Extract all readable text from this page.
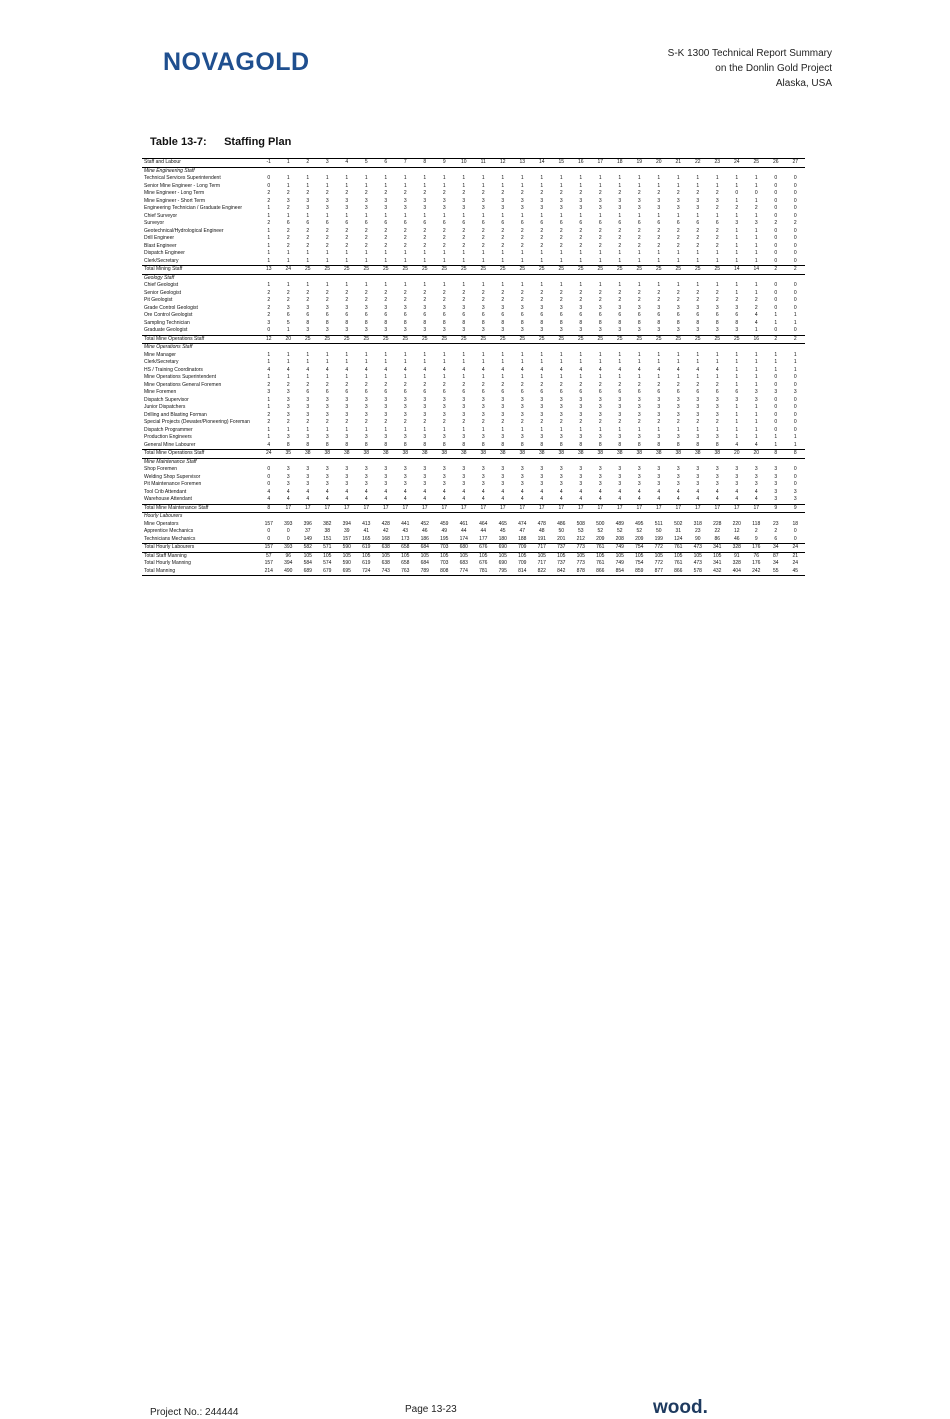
NOVAGOLD	S-K 1300 Technical Report Summary
on the Donlin Gold Project
Alaska, USA
Table 13-7: Staffing Plan
Staff and Labour	-1	1	2	3	4	5	6	7	8	9	10	11	12	13	14	15	16	17	18	19	20	21	22	23	24	25	26	27
Mine Engineering Staff																												
Technical Services Superintendent	0	1	1	1	1	1	1	1	1	1	1	1	1	1	1	1	1	1	1	1	1	1	1	1	1	1	0	0
Senior Mine Engineer - Long Term	0	1	1	1	1	1	1	1	1	1	1	1	1	1	1	1	1	1	1	1	1	1	1	1	1	1	0	0
Mine Engineer - Long Term	2	2	2	2	2	2	2	2	2	2	2	2	2	2	2	2	2	2	2	2	2	2	2	2	0	0	0	0
Mine Engineer - Short Term	2	3	3	3	3	3	3	3	3	3	3	3	3	3	3	3	3	3	3	3	3	3	3	3	1	1	0	0
Engineering Technician / Graduate Engineer	1	2	3	3	3	3	3	3	3	3	3	3	3	3	3	3	3	3	3	3	3	3	3	2	2	2	0	0
Chief Surveyor	1	1	1	1	1	1	1	1	1	1	1	1	1	1	1	1	1	1	1	1	1	1	1	1	1	1	0	0
Surveyor	2	6	6	6	6	6	6	6	6	6	6	6	6	6	6	6	6	6	6	6	6	6	6	6	3	3	2	2
Geotechnical/Hydrological Engineer	1	2	2	2	2	2	2	2	2	2	2	2	2	2	2	2	2	2	2	2	2	2	2	2	1	1	0	0
Drill Engineer	1	2	2	2	2	2	2	2	2	2	2	2	2	2	2	2	2	2	2	2	2	2	2	2	1	1	0	0
Blast Engineer	1	2	2	2	2	2	2	2	2	2	2	2	2	2	2	2	2	2	2	2	2	2	2	2	1	1	0	0
Dispatch Engineer	1	1	1	1	1	1	1	1	1	1	1	1	1	1	1	1	1	1	1	1	1	1	1	1	1	1	0	0
Clerk/Secretary	1	1	1	1	1	1	1	1	1	1	1	1	1	1	1	1	1	1	1	1	1	1	1	1	1	1	0	0
Total Mining Staff	13	24	25	25	25	25	25	25	25	25	25	25	25	25	25	25	25	25	25	25	25	25	25	25	14	14	2	2
Geology Staff																												
Chief Geologist	1	1	1	1	1	1	1	1	1	1	1	1	1	1	1	1	1	1	1	1	1	1	1	1	1	1	0	0
Senior Geologist	2	2	2	2	2	2	2	2	2	2	2	2	2	2	2	2	2	2	2	2	2	2	2	2	1	1	0	0
Pit Geologist	2	2	2	2	2	2	2	2	2	2	2	2	2	2	2	2	2	2	2	2	2	2	2	2	2	2	0	0
Grade Control Geologist	2	3	3	3	3	3	3	3	3	3	3	3	3	3	3	3	3	3	3	3	3	3	3	3	3	2	0	0
Ore Control Geologist	2	6	6	6	6	6	6	6	6	6	6	6	6	6	6	6	6	6	6	6	6	6	6	6	6	4	1	1
Sampling Technician	3	5	8	8	8	8	8	8	8	8	8	8	8	8	8	8	8	8	8	8	8	8	8	8	8	4	1	1
Graduate Geologist	0	1	3	3	3	3	3	3	3	3	3	3	3	3	3	3	3	3	3	3	3	3	3	3	3	1	0	0
Total Mine Operations Staff	12	20	25	25	25	25	25	25	25	25	25	25	25	25	25	25	25	25	25	25	25	25	25	25	25	16	2	2
Mine Operations Staff																												
Mine Manager	1	1	1	1	1	1	1	1	1	1	1	1	1	1	1	1	1	1	1	1	1	1	1	1	1	1	1	1
Clerk/Secretary	1	1	1	1	1	1	1	1	1	1	1	1	1	1	1	1	1	1	1	1	1	1	1	1	1	1	1	1
HS / Training Coordinators	4	4	4	4	4	4	4	4	4	4	4	4	4	4	4	4	4	4	4	4	4	4	4	4	1	1	1	1
Mine Operations Superintendent	1	1	1	1	1	1	1	1	1	1	1	1	1	1	1	1	1	1	1	1	1	1	1	1	1	1	0	0
Mine Operations General Foremen	2	2	2	2	2	2	2	2	2	2	2	2	2	2	2	2	2	2	2	2	2	2	2	2	1	1	0	0
Mine Foremen	3	3	6	6	6	6	6	6	6	6	6	6	6	6	6	6	6	6	6	6	6	6	6	6	6	3	3	3
Dispatch Supervisor	1	3	3	3	3	3	3	3	3	3	3	3	3	3	3	3	3	3	3	3	3	3	3	3	3	3	0	0
Junior Dispatchers	1	3	3	3	3	3	3	3	3	3	3	3	3	3	3	3	3	3	3	3	3	3	3	3	1	1	0	0
Drilling and Blasting Forman	2	3	3	3	3	3	3	3	3	3	3	3	3	3	3	3	3	3	3	3	3	3	3	3	1	1	0	0
Special Projects (Dewater/Pioneering) Foreman	2	2	2	2	2	2	2	2	2	2	2	2	2	2	2	2	2	2	2	2	2	2	2	2	1	1	0	0
Dispatch Programmer	1	1	1	1	1	1	1	1	1	1	1	1	1	1	1	1	1	1	1	1	1	1	1	1	1	1	0	0
Production Engineers	1	3	3	3	3	3	3	3	3	3	3	3	3	3	3	3	3	3	3	3	3	3	3	3	1	1	1	1
General Mine Labourer	4	8	8	8	8	8	8	8	8	8	8	8	8	8	8	8	8	8	8	8	8	8	8	8	4	4	1	1
Total Mine Operations Staff	24	35	38	38	38	38	38	38	38	38	38	38	38	38	38	38	38	38	38	38	38	38	38	38	20	20	8	8
Mine Maintenance Staff																												
Shop Foremen	0	3	3	3	3	3	3	3	3	3	3	3	3	3	3	3	3	3	3	3	3	3	3	3	3	3	3	0
Welding Shop Supervisor	0	3	3	3	3	3	3	3	3	3	3	3	3	3	3	3	3	3	3	3	3	3	3	3	3	3	3	0
Pit Maintenance Foremen	0	3	3	3	3	3	3	3	3	3	3	3	3	3	3	3	3	3	3	3	3	3	3	3	3	3	3	0
Tool Crib Attendant	4	4	4	4	4	4	4	4	4	4	4	4	4	4	4	4	4	4	4	4	4	4	4	4	4	4	3	3
Warehouse Attendant	4	4	4	4	4	4	4	4	4	4	4	4	4	4	4	4	4	4	4	4	4	4	4	4	4	4	3	3
Total Mine Maintenance Staff	8	17	17	17	17	17	17	17	17	17	17	17	17	17	17	17	17	17	17	17	17	17	17	17	17	17	9	9
Hourly Labourers																												
Mine Operators	157	393	396	382	394	413	428	441	452	459	461	464	465	474	478	486	508	500	489	495	511	502	318	228	220	118	23	18
Apprentice Mechanics	0	0	37	38	39	41	42	43	46	49	44	44	45	47	48	50	53	52	52	52	50	31	23	22	12	2	2	0
Technicians Mechanics	0	0	149	151	157	165	168	173	186	195	174	177	180	188	191	201	212	209	208	209	199	124	90	86	46	9	6	0
Total Hourly Labourers	157	393	582	571	590	619	638	658	684	703	680	676	690	709	717	737	773	761	749	754	772	761	473	341	328	176	34	24
Total Staff Manning	57	96	105	105	105	105	105	105	105	105	105	105	105	105	105	105	105	105	105	105	105	105	105	105	91	76	87	21
Total Hourly Manning	157	394	584	574	590	619	638	658	684	703	683	676	690	709	717	737	773	761	749	754	772	761	473	341	328	176	34	24
Total Manning	214	490	689	679	695	724	743	763	789	808	774	781	795	814	822	842	878	866	854	859	877	866	578	432	404	242	55	45
Project No.: 244444	Page 13-23	wood.
